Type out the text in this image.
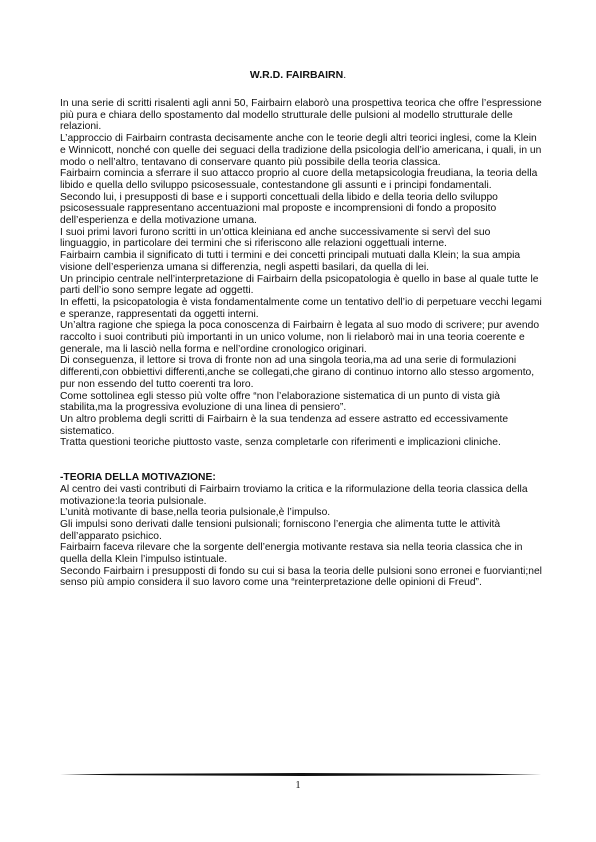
W.R.D. FAIRBAIRN.

In una serie di scritti risalenti agli anni 50, Fairbairn elaborò una prospettiva teorica che offre l’espressione più pura e chiara dello spostamento dal modello strutturale delle pulsioni al modello strutturale delle relazioni.

L’approccio di Fairbairn contrasta decisamente anche con le teorie degli altri teorici inglesi, come la Klein e Winnicott, nonché con quelle dei seguaci della tradizione della psicologia dell’io americana, i quali, in un modo o nell’altro, tentavano di conservare quanto più possibile della teoria classica.

Fairbairn comincia a sferrare il suo attacco proprio al cuore della metapsicologia freudiana, la teoria della libido e quella dello sviluppo psicosessuale, contestandone gli assunti e i principi fondamentali.

Secondo lui, i presupposti di base e i supporti concettuali della libido e della teoria dello sviluppo psicosessuale rappresentano accentuazioni mal proposte e incomprensioni di fondo a proposito dell’esperienza e della motivazione umana.

I suoi primi lavori furono scritti in un’ottica kleiniana ed anche successivamente si servì del suo linguaggio, in particolare dei termini che si riferiscono alle relazioni oggettuali interne.

Fairbairn cambia il significato di tutti i termini e dei concetti principali mutuati dalla Klein; la sua ampia visione dell’esperienza umana si differenzia, negli aspetti basilari, da quella di lei.

Un principio centrale nell’interpretazione di Fairbairn della psicopatologia è quello in base al quale tutte le parti dell’io sono sempre legate ad oggetti.

In effetti, la psicopatologia è vista fondamentalmente come un tentativo dell’io di perpetuare vecchi legami e speranze, rappresentati da oggetti interni.

Un’altra ragione che spiega la poca conoscenza di Fairbairn è legata al suo modo di scrivere; pur avendo raccolto i suoi contributi più importanti in un unico volume, non li rielaborò mai in una teoria coerente e generale, ma li lasciò nella forma e nell’ordine cronologico originari.

Di conseguenza, il lettore si trova di fronte non ad una singola teoria,ma ad una serie di formulazioni differenti,con obbiettivi differenti,anche se collegati,che girano di continuo intorno allo stesso argomento, pur non essendo del tutto coerenti tra loro.

Come sottolinea egli stesso più volte offre “non l’elaborazione sistematica di un punto di vista già stabilita,ma la progressiva evoluzione di una linea di pensiero”.

Un altro problema degli scritti di Fairbairn è la sua tendenza ad essere astratto ed eccessivamente sistematico.

Tratta questioni teoriche piuttosto vaste, senza completarle con riferimenti e implicazioni cliniche.

-TEORIA DELLA MOTIVAZIONE:

Al centro dei vasti contributi di Fairbairn troviamo la critica e la riformulazione della teoria classica della motivazione:la teoria pulsionale.

L’unità motivante di base,nella teoria pulsionale,è l’impulso.

Gli impulsi sono derivati dalle tensioni pulsionali; forniscono l’energia che alimenta tutte le attività dell’apparato psichico.

Fairbairn faceva rilevare che la sorgente dell’energia motivante restava sia nella teoria classica che in quella della Klein l’impulso istintuale.

Secondo Fairbairn i presupposti di fondo su cui si basa la teoria delle pulsioni sono erronei e fuorvianti;nel senso più ampio considera il suo lavoro come una “reinterpretazione delle opinioni di Freud”.

1
